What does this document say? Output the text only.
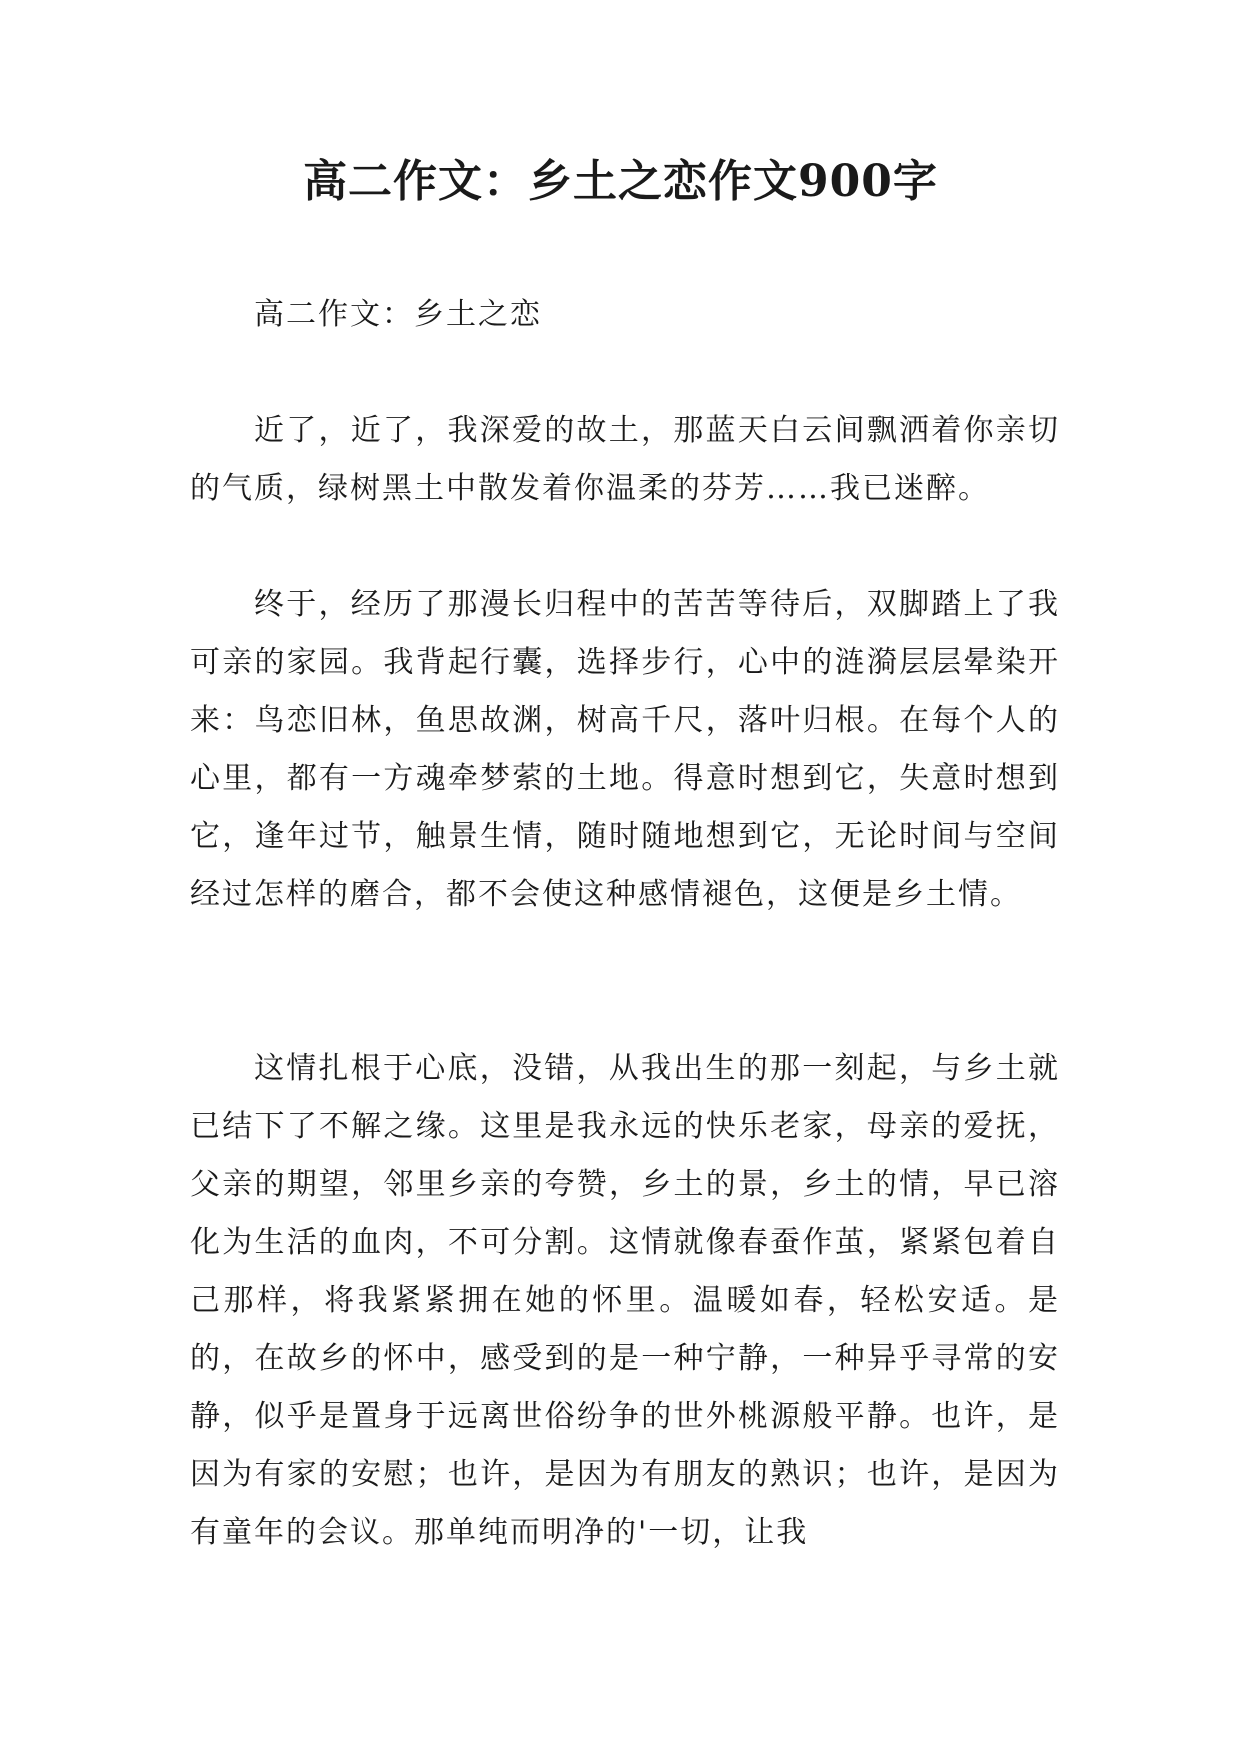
高二作文：乡土之恋作文900字

高二作文：乡土之恋

近了，近了，我深爱的故土，那蓝天白云间飘洒着你亲切的气质，绿树黑土中散发着你温柔的芬芳……我已迷醉。

终于，经历了那漫长归程中的苦苦等待后，双脚踏上了我可亲的家园。我背起行囊，选择步行，心中的涟漪层层晕染开来：鸟恋旧林，鱼思故渊，树高千尺，落叶归根。在每个人的心里，都有一方魂牵梦萦的土地。得意时想到它，失意时想到它，逢年过节，触景生情，随时随地想到它，无论时间与空间经过怎样的磨合，都不会使这种感情褪色，这便是乡土情。

这情扎根于心底，没错，从我出生的那一刻起，与乡土就已结下了不解之缘。这里是我永远的快乐老家，母亲的爱抚，父亲的期望，邻里乡亲的夸赞，乡土的景，乡土的情，早已溶化为生活的血肉，不可分割。这情就像春蚕作茧，紧紧包着自己那样，将我紧紧拥在她的怀里。温暖如春，轻松安适。是的，在故乡的怀中，感受到的是一种宁静，一种异乎寻常的安静，似乎是置身于远离世俗纷争的世外桃源般平静。也许，是因为有家的安慰；也许，是因为有朋友的熟识；也许，是因为有童年的会议。那单纯而明净的'一切，让我
